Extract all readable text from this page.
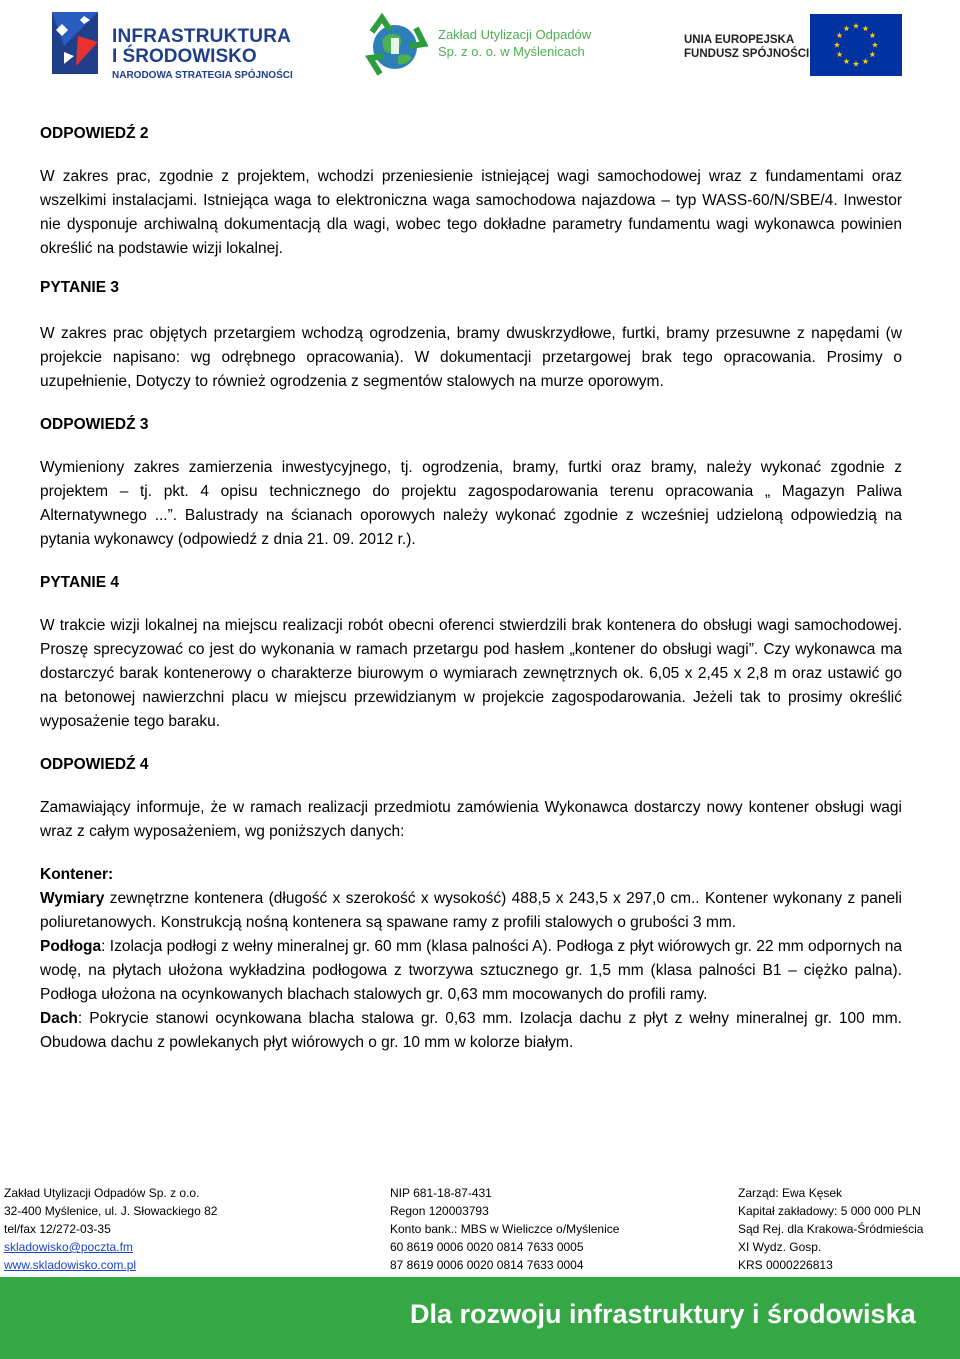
INFRASTRUKTURA
I ŚRODOWISKO
NARODOWA STRATEGIA SPÓJNOŚCI
Zakład Utylizacji Odpadów
Sp. z o. o. w Myślenicach
UNIA EUROPEJSKA
FUNDUSZ SPÓJNOŚCI

ODPOWIEDŹ 2

W zakres prac, zgodnie z projektem, wchodzi przeniesienie istniejącej wagi samochodowej wraz z fundamentami oraz wszelkimi instalacjami. Istniejąca waga to elektroniczna waga samochodowa najazdowa – typ WASS-60/N/SBE/4. Inwestor nie dysponuje archiwalną dokumentacją dla wagi, wobec tego dokładne parametry fundamentu wagi wykonawca powinien określić na podstawie wizji lokalnej.

PYTANIE 3

W zakres prac objętych przetargiem wchodzą ogrodzenia, bramy dwuskrzydłowe, furtki, bramy przesuwne z napędami (w projekcie napisano: wg odrębnego opracowania). W dokumentacji przetargowej brak tego opracowania. Prosimy o uzupełnienie, Dotyczy to również ogrodzenia z segmentów stalowych na murze oporowym.

ODPOWIEDŹ 3

Wymieniony zakres zamierzenia inwestycyjnego, tj. ogrodzenia, bramy, furtki oraz bramy, należy wykonać zgodnie z projektem – tj. pkt. 4 opisu technicznego do projektu zagospodarowania terenu opracowania „ Magazyn Paliwa Alternatywnego ...”. Balustrady na ścianach oporowych należy wykonać zgodnie z wcześniej udzieloną odpowiedzią na pytania wykonawcy (odpowiedź z dnia 21. 09. 2012 r.).

PYTANIE 4

W trakcie wizji lokalnej na miejscu realizacji robót obecni oferenci stwierdzili brak kontenera do obsługi wagi samochodowej. Proszę sprecyzować co jest do wykonania w ramach przetargu pod hasłem „kontener do obsługi wagi”. Czy wykonawca ma dostarczyć barak kontenerowy o charakterze biurowym o wymiarach zewnętrznych ok. 6,05 x 2,45 x 2,8 m oraz ustawić go na betonowej nawierzchni placu w miejscu przewidzianym w projekcie zagospodarowania. Jeżeli tak to prosimy określić wyposażenie tego baraku.

ODPOWIEDŹ 4

Zamawiający informuje, że w ramach realizacji przedmiotu zamówienia Wykonawca dostarczy nowy kontener obsługi wagi wraz z całym wyposażeniem, wg poniższych danych:

Kontener:

Wymiary zewnętrzne kontenera (długość x szerokość x wysokość) 488,5 x 243,5 x 297,0 cm.. Kontener wykonany z paneli poliuretanowych. Konstrukcją nośną kontenera są spawane ramy z profili stalowych o grubości 3 mm.

Podłoga: Izolacja podłogi z wełny mineralnej gr. 60 mm (klasa palności A). Podłoga z płyt wiórowych gr. 22 mm odpornych na wodę, na płytach ułożona wykładzina podłogowa z tworzywa sztucznego gr. 1,5 mm (klasa palności B1 – ciężko palna). Podłoga ułożona na ocynkowanych blachach stalowych gr. 0,63 mm mocowanych do profili ramy.

Dach: Pokrycie stanowi ocynkowana blacha stalowa gr. 0,63 mm. Izolacja dachu z płyt z wełny mineralnej gr. 100 mm. Obudowa dachu z powlekanych płyt wiórowych o gr. 10 mm w kolorze białym.

Zakład Utylizacji Odpadów Sp. z o.o.
32-400 Myślenice, ul. J. Słowackiego 82
tel/fax 12/272-03-35
skladowisko@poczta.fm
www.skladowisko.com.pl
NIP 681-18-87-431
Regon 120003793
Konto bank.: MBS w Wieliczce o/Myślenice
60 8619 0006 0020 0814 7633 0005
87 8619 0006 0020 0814 7633 0004
Zarząd: Ewa Kęsek
Kapitał zakładowy: 5 000 000 PLN
Sąd Rej. dla Krakowa-Śródmieścia
XI Wydz. Gosp.
KRS 0000226813
Dla rozwoju infrastruktury i środowiska
